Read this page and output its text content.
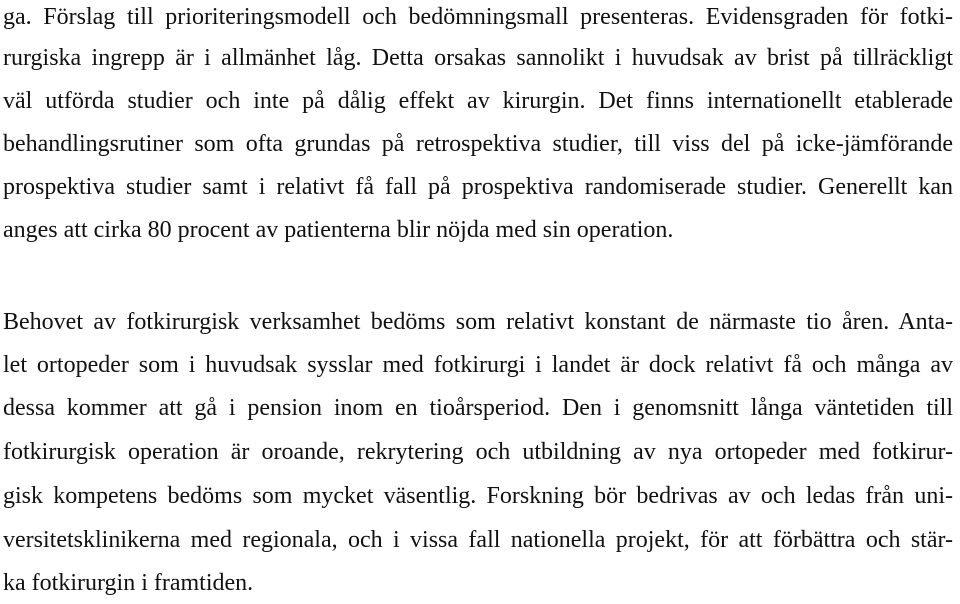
ga. Förslag till prioriteringsmodell och bedömningsmall presenteras. Evidensgraden för fotki-
rurgiska ingrepp är i allmänhet låg. Detta orsakas sannolikt i huvudsak av brist på tillräckligt
väl utförda studier och inte på dålig effekt av kirurgin. Det finns internationellt etablerade
behandlingsrutiner som ofta grundas på retrospektiva studier, till viss del på icke-jämförande
prospektiva studier samt i relativt få fall på prospektiva randomiserade studier. Generellt kan
anges att cirka 80 procent av patienterna blir nöjda med sin operation.
Behovet av fotkirurgisk verksamhet bedöms som relativt konstant de närmaste tio åren. Anta-
let ortopeder som i huvudsak sysslar med fotkirurgi i landet är dock relativt få och många av
dessa kommer att gå i pension inom en tioårsperiod. Den i genomsnitt långa väntetiden till
fotkirurgisk operation är oroande, rekrytering och utbildning av nya ortopeder med fotkirur-
gisk kompetens bedöms som mycket väsentlig. Forskning bör bedrivas av och ledas från uni-
versitetsklinikerna med regionala, och i vissa fall nationella projekt, för att förbättra och stär-
ka fotkirurgin i framtiden.
